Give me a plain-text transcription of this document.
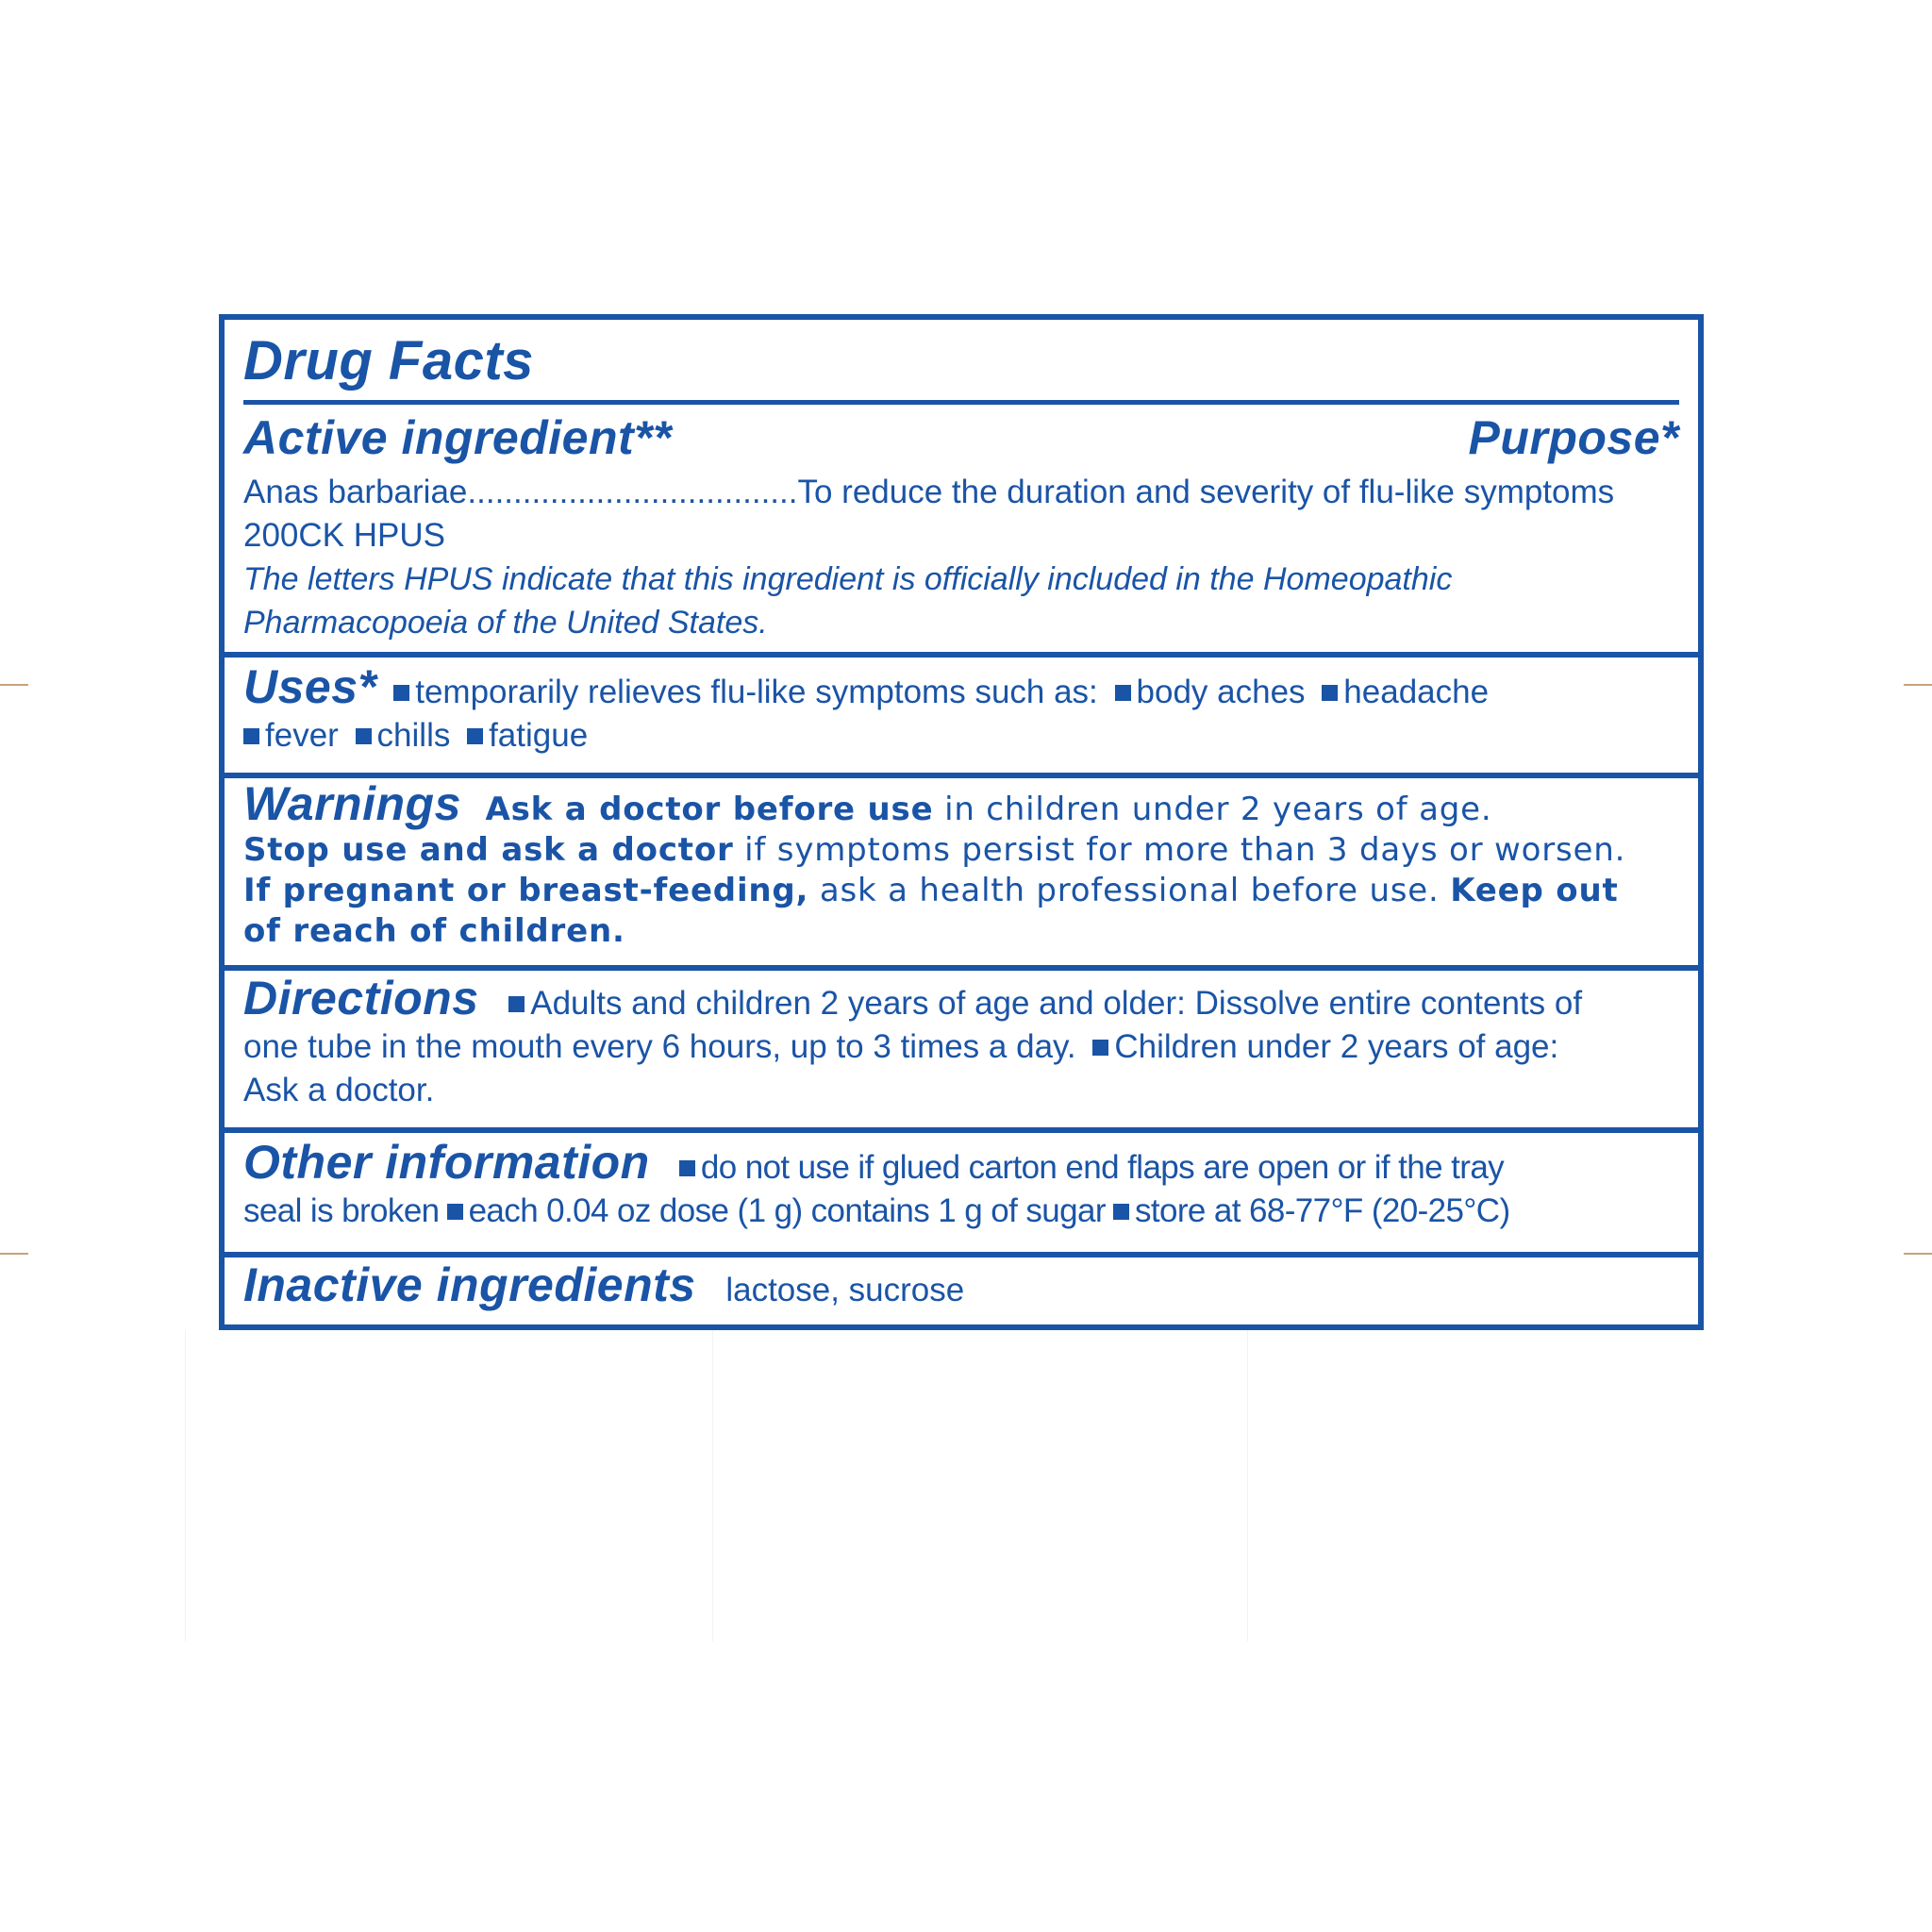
Drug Facts
Active ingredient**	Purpose*
Anas barbariae....................................To reduce the duration and severity of flu-like symptoms
200CK HPUS
The letters HPUS indicate that this ingredient is officially included in the Homeopathic
Pharmacopoeia of the United States.
Uses* temporarily relieves flu-like symptoms such as: body aches headache
fever chills fatigue
Warnings Ask a doctor before use in children under 2 years of age.
Stop use and ask a doctor if symptoms persist for more than 3 days or worsen.
If pregnant or breast-feeding, ask a health professional before use. Keep out
of reach of children.
Directions Adults and children 2 years of age and older: Dissolve entire contents of
one tube in the mouth every 6 hours, up to 3 times a day. Children under 2 years of age:
Ask a doctor.
Other information do not use if glued carton end flaps are open or if the tray
seal is broken each 0.04 oz dose (1 g) contains 1 g of sugar store at 68-77°F (20-25°C)
Inactive ingredients lactose, sucrose
